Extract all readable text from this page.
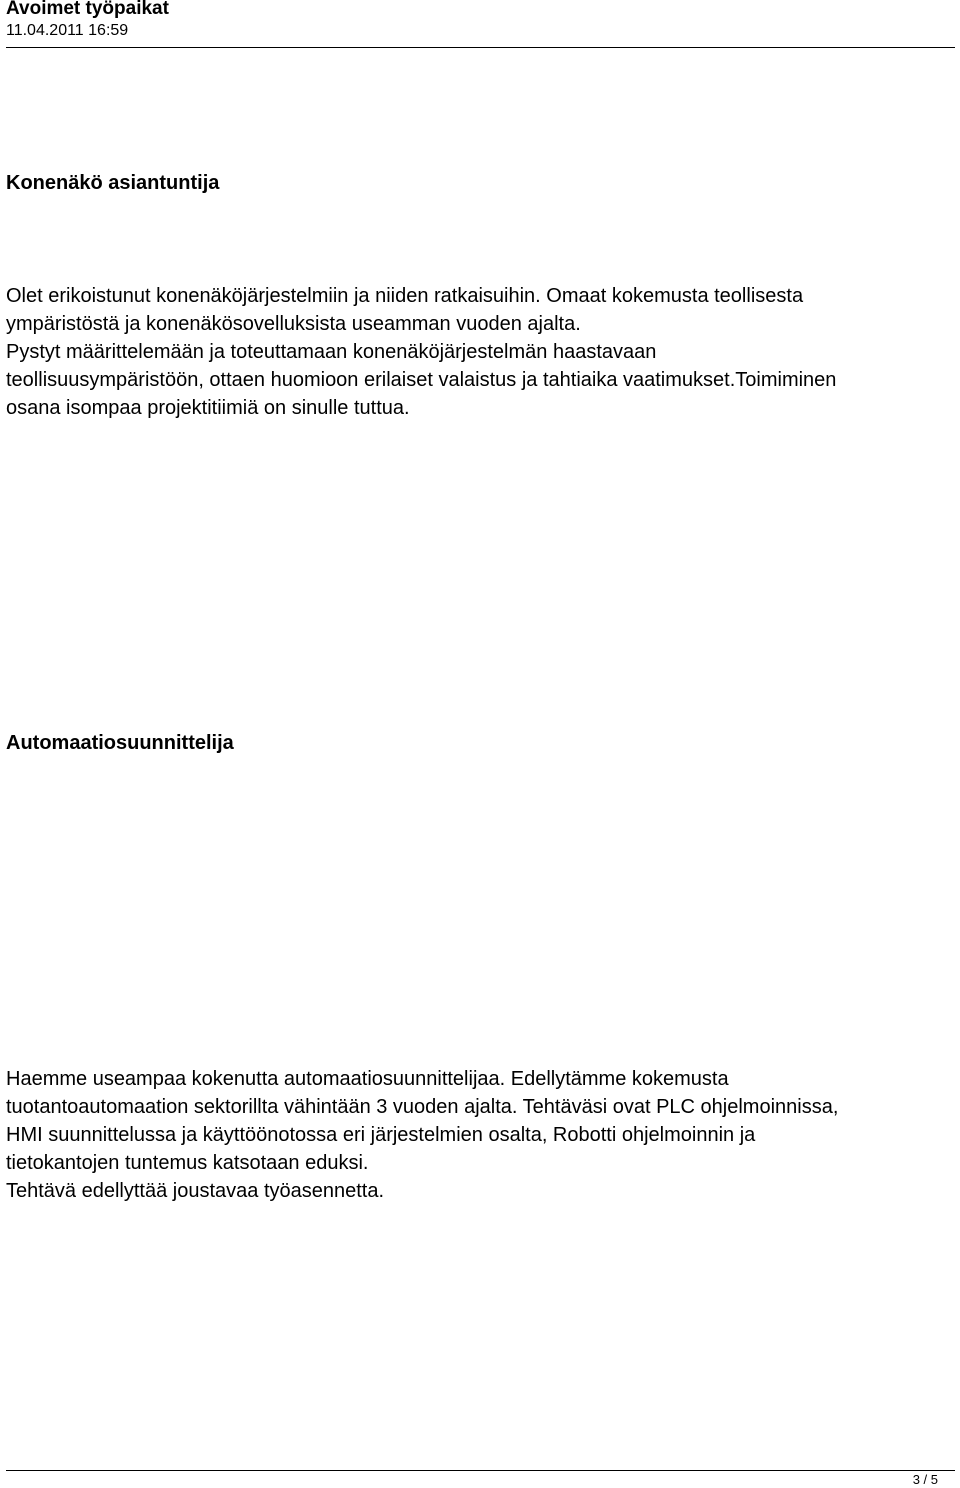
Avoimet työpaikat
11.04.2011 16:59
Konenäkö asiantuntija
Olet erikoistunut konenäköjärjestelmiin ja niiden ratkaisuihin. Omaat kokemusta teollisesta
ympäristöstä ja konenäkösovelluksista useamman vuoden ajalta.
Pystyt määrittelemään ja toteuttamaan konenäköjärjestelmän haastavaan
teollisuusympäristöön, ottaen huomioon erilaiset valaistus ja tahtiaika vaatimukset.Toimiminen
osana isompaa projektitiimiä on sinulle tuttua.
Automaatiosuunnittelija
Haemme useampaa kokenutta automaatiosuunnittelijaa. Edellytämme kokemusta
tuotantoautomaation sektorillta vähintään 3 vuoden ajalta. Tehtäväsi ovat PLC ohjelmoinnissa,
HMI suunnittelussa ja käyttöönotossa eri järjestelmien osalta, Robotti ohjelmoinnin ja
tietokantojen tuntemus katsotaan eduksi.
Tehtävä edellyttää joustavaa työasennetta.
3 / 5
